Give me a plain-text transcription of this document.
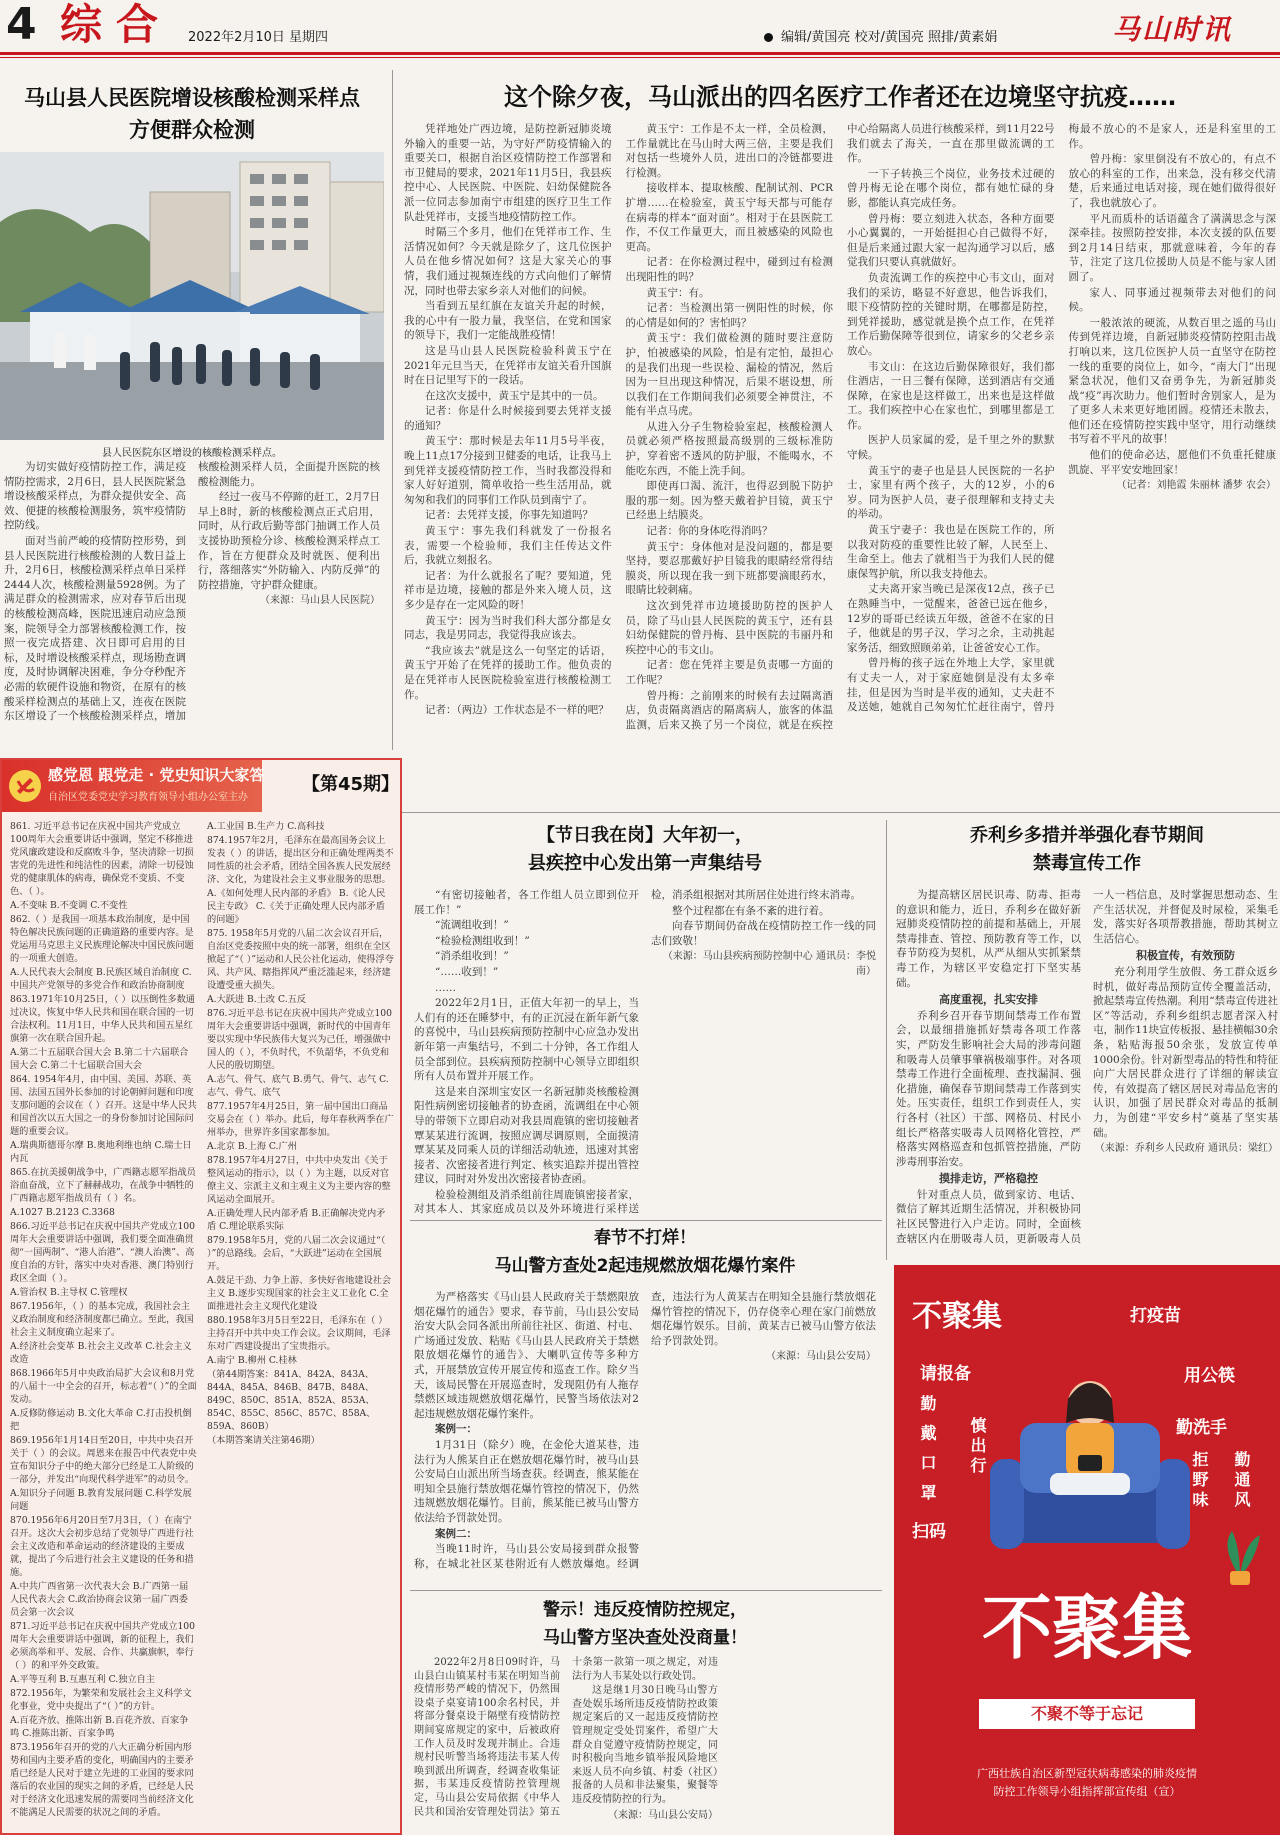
4 综合 2022年2月10日 星期四	编辑/黄国亮 校对/黄国亮 照排/黄素娟	马山时讯
马山县人民医院增设核酸检测采样点
方便群众检测
县人民医院东区增设的核酸检测采样点。

为切实做好疫情防控工作，满足疫情防控需求，2月6日，县人民医院紧急增设核酸采样点，为群众提供安全、高效、便捷的核酸检测服务，筑牢疫情防控防线。

面对当前严峻的疫情防控形势，到县人民医院进行核酸检测的人数日益上升，2月6日，核酸检测采样点单日采样2444人次，核酸检测量5928例。为了满足群众的检测需求，应对春节后出现的核酸检测高峰，医院迅速启动应急预案，院领导全力部署核酸检测工作，按照一夜完成搭建、次日即可启用的目标，及时增设核酸采样点，现场勘查调度，及时协调解决困难，争分夺秒配齐必需的软硬件设施和物资，在原有的核酸采样检测点的基础上又，连夜在医院东区增设了一个核酸检测采样点，增加核酸检测采样人员，全面提升医院的核酸检测能力。

经过一夜马不停蹄的赶工，2月7日早上8时，新的核酸检测点正式启用，同时，从行政后勤等部门抽调工作人员支援协助预检分诊、核酸检测采样点工作，旨在方便群众及时就医、便利出行，落细落实“外防输入、内防反弹”的防控措施，守护群众健康。

（来源：马山县人民医院）
这个除夕夜，马山派出的四名医疗工作者还在边境坚守抗疫……

凭祥地处广西边境，是防控新冠肺炎境外输入的重要一站，为守好严防疫情输入的重要关口，根据自治区疫情防控工作部署和市卫健局的要求，2021年11月5日，我县疾控中心、人民医院、中医院、妇幼保健院各派一位同志参加南宁市组建的医疗卫生工作队赴凭祥市，支援当地疫情防控工作。

时隔三个多月，他们在凭祥市工作、生活情况如何？今天就是除夕了，这几位医护人员在他乡情况如何？这是大家关心的事情，我们通过视频连线的方式向他们了解情况，同时也带去家乡亲人对他们的问候。

当看到五星红旗在友谊关升起的时候，我的心中有一股力量，我坚信，在党和国家的领导下，我们一定能战胜疫情！

这是马山县人民医院检验科黄玉宁在2021年元旦当天，在凭祥市友谊关看升国旗时在日记里写下的一段话。

在这次支援中，黄玉宁是其中的一员。

记者：你是什么时候接到要去凭祥支援的通知？

黄玉宁：那时候是去年11月5号半夜，晚上11点17分接到卫健委的电话，让我马上到凭祥支援疫情防控工作，当时我都没得和家人好好道别，简单收拾一些生活用品，就匆匆和我们的同事们工作队员到南宁了。

记者：去凭祥支援，你事先知道吗？

黄玉宁：事先我们科就发了一份报名表，需要一个检验师，我们主任传达文件后，我就立刻报名。

记者：为什么就报名了呢？要知道，凭祥市是边境，接触的都是外来入境人员，这多少是存在一定风险的呀！

黄玉宁：因为当时我们科大部分都是女同志，我是男同志，我觉得我应该去。

“我应该去”就是这么一句坚定的话语，黄玉宁开始了在凭祥的援助工作。他负责的是在凭祥市人民医院检验室进行核酸检测工作。

记者：（两边）工作状态是不一样的吧？

黄玉宁：工作是不太一样，全员检测，工作量就比在马山时大两三倍，主要是我们对包括一些境外人员，进出口的冷链都要进行检测。

接收样本、提取核酸、配制试剂、PCR扩增……在检验室，黄玉宁每天都与可能存在病毒的样本“面对面”。相对于在县医院工作，不仅工作量更大，而且被感染的风险也更高。

记者：在你检测过程中，碰到过有检测出现阳性的吗？

黄玉宁：有。

记者：当检测出第一例阳性的时候，你的心情是如何的？害怕吗？

黄玉宁：我们做检测的随时要注意防护，怕被感染的风险，怕是有定怕，最担心的是我们出现一些误检、漏检的情况，然后因为一旦出现这种情况，后果不堪设想，所以我们在工作期间我们必须要全神贯注，不能有半点马虎。

从进入分子生物检验室起，核酸检测人员就必须严格按照最高级别的三级标准防护，穿着密不透风的防护服，不能喝水，不能吃东西，不能上洗手间。

即使再口渴、流汗，也得忍到脱下防护服的那一刻。因为整天戴着护目镜，黄玉宁已经患上结膜炎。

记者：你的身体吃得消吗？

黄玉宁：身体他对是没问题的，都是要坚持，要忍那戴好护目镜我的眼睛经常得结膜炎，所以现在我一到下班都要滴眼药水，眼睛比较刺痛。

这次到凭祥市边境援助防控的医护人员，除了马山县人民医院的黄玉宁，还有县妇幼保健院的曾丹梅、县中医院的韦丽丹和疾控中心的韦文山。

记者：您在凭祥主要是负责哪一方面的工作呢？

曾丹梅：之前刚来的时候有去过隔离酒店，负责隔离酒店的隔离病人，旅客的体温监测，后来又换了另一个岗位，就是在疾控中心给隔离人员进行核酸采样，到11月22号我们就去了海关，一直在那里做流调的工作。

一下子转换三个岗位，业务技术过硬的曾丹梅无论在哪个岗位，都有她忙碌的身影，都能认真完成任务。

曾丹梅：要立刻进入状态，各种方面要小心翼翼的，一开始挺担心自己做得不好，但是后来通过跟大家一起沟通学习以后，感觉我们只要认真就做好。

负责流调工作的疾控中心韦文山，面对我们的采访，略显不好意思，他告诉我们，眼下疫情防控的关键时期，在哪都是防控，到凭祥援助，感觉就是换个点工作，在凭祥工作后勤保障等很到位，请家乡的父老乡亲放心。

韦文山：在这边后勤保障很好，我们都住酒店，一日三餐有保障，送到酒店有交通保障，在家也是这样做工，出来也是这样做工。我们疾控中心在家也忙，到哪里都是工作。

医护人员家属的爱，是千里之外的默默守候。

黄玉宁的妻子也是县人民医院的一名护士，家里有两个孩子，大的12岁，小的6岁。同为医护人员，妻子很理解和支持丈夫的举动。

黄玉宁妻子：我也是在医院工作的，所以我对防疫的重要性比较了解，人民至上、生命至上。他去了就相当于为我们人民的健康保驾护航，所以我支持他去。

丈夫离开家当晚已是深夜12点，孩子已在熟睡当中，一觉醒来，爸爸已远在他乡，12岁的哥哥已经读五年级，爸爸不在家的日子，他就是的男子汉，学习之余，主动挑起家务活，细致照顾弟弟，让爸爸安心工作。

曾丹梅的孩子远在外地上大学，家里就有丈夫一人，对于家庭她倒是没有太多牵挂，但是因为当时是半夜的通知，丈夫赶不及送她，她就自己匆匆忙忙赶往南宁，曾丹梅最不放心的不是家人，还是科室里的工作。

曾丹梅：家里倒没有不放心的，有点不放心的科室的工作，出来急，没有移交代清楚，后来通过电话对接，现在她们做得很好了，我也就放心了。

平凡而质朴的话语蕴含了满满思念与深深牵挂。按照防控安排，本次支援的队伍要到2月14日结束，那就意味着，今年的春节，注定了这几位援助人员是不能与家人团圆了。

家人、同事通过视频带去对他们的问候。

一般浓浓的硬流，从数百里之遥的马山传到凭祥边境，自新冠肺炎疫情防控阻击战打响以来，这几位医护人员一直坚守在防控一线的重要的岗位上，如今，“南大门”出现紧急状况，他们又奋勇争先，为新冠肺炎战“疫”再次助力。他们暂时舍别家人，是为了更多人未来更好地团圆。疫情还未散去，他们还在疫情防控实践中坚守，用行动继续书写着不平凡的故事！

他们的使命必达，愿他们不负重托健康凯旋、平平安安地回家！

（记者：刘艳霞 朱丽林 潘梦 农会）
感党恩 跟党走 · 党史知识大家答
自治区党委党史学习教育领导小组办公室主办
【第45期】

861. 习近平总书记在庆祝中国共产党成立100周年大会重要讲话中强调，坚定不移推进党风廉政建设和反腐败斗争，坚决清除一切损害党的先进性和纯洁性的因素，清除一切侵蚀党的健康肌体的病毒，确保党不变质、不变色、（ ）。

A.不变味 B.不变调 C.不变性

862.（ ）是我国一项基本政治制度，是中国特色解决民族问题的正确道路的重要内容。是党运用马克思主义民族理论解决中国民族问题的一项重大创造。

A.人民代表大会制度 B.民族区域自治制度 C.中国共产党领导的多党合作和政治协商制度

863.1971年10月25日，（ ）以压倒性多数通过决议，恢复中华人民共和国在联合国的一切合法权利。11月1日，中华人民共和国五星红旗第一次在联合国升起。

A.第二十五届联合国大会 B.第二十六届联合国大会 C.第二十七届联合国大会

864. 1954年4月，由中国、美国、苏联、英国、法国五国外长参加的讨论朝鲜问题和印度支那问题的会议在（ ）召开。这是中华人民共和国首次以五大国之一的身份参加讨论国际问题的重要会议。

A.瑞典斯德哥尔摩 B.奥地利维也纳 C.瑞士日内瓦

865.在抗美援朝战争中，广西籍志愿军指战员浴血奋战，立下了赫赫战功，在战争中牺牲的广西籍志愿军指战员有（ ）名。

A.1027 B.2123 C.3368

866.习近平总书记在庆祝中国共产党成立100周年大会重要讲话中强调，我们要全面准确贯彻“一国两制”、“港人治港”、“澳人治澳”、高度自治的方针，落实中央对香港、澳门特别行政区全面（ ）。

A.管治权 B.主导权 C.管理权

867.1956年，（ ）的基本完成，我国社会主义政治制度和经济制度都已确立。至此，我国社会主义制度确立起来了。

A.经济社会变革 B.社会主义改革 C.社会主义改造

868.1966年5月中央政治局扩大会议和8月党的八届十一中全会的召开，标志着“（ ）”的全面发动。

A.反修防修运动 B.文化大革命 C.打击投机倒把

869.1956年1月14日至20日，中共中央召开关于（ ）的会议。周恩来在报告中代表党中央宣布知识分子中的绝大部分已经是工人阶级的一部分，并发出“向现代科学进军”的动员令。

A.知识分子问题 B.教育发展问题 C.科学发展问题

870.1956年6月20日至7月3日，（ ）在南宁召开。这次大会初步总结了党领导广西进行社会主义改造和革命运动的经济建设的主要成就，提出了今后进行社会主义建设的任务和措施。

A.中共广西省第一次代表大会 B.广西第一届人民代表大会 C.政治协商会议第一届广西委员会第一次会议

871.习近平总书记在庆祝中国共产党成立100周年大会重要讲话中强调，新的征程上，我们必须高举和平、发展、合作、共赢旗帜，奉行（ ）的和平外交政策。

A.平等互利 B.互惠互利 C.独立自主

872.1956年，为繁荣和发展社会主义科学文化事业，党中央提出了“（ ）”的方针。

A.百花齐放、推陈出新 B.百花齐放、百家争鸣 C.推陈出新、百家争鸣

873.1956年召开的党的八大正确分析国内形势和国内主要矛盾的变化，明确国内的主要矛盾已经是人民对于建立先进的工业国的要求同落后的农业国的现实之间的矛盾，已经是人民对于经济文化迅速发展的需要同当前经济文化不能满足人民需要的状况之间的矛盾。

A.工业国 B.生产力 C.高科技

874.1957年2月，毛泽东在最高国务会议上发表（ ）的讲话，提出区分和正确处理两类不同性质的社会矛盾，团结全国各族人民发展经济、文化，为建设社会主义事业服务的思想。

A.《如何处理人民内部的矛盾》 B.《论人民民主专政》 C.《关于正确处理人民内部矛盾的问题》

875. 1958年5月党的八届二次会议召开后，自治区党委按照中央的统一部署，组织在全区掀起了“（ ）”运动和人民公社化运动，使得浮夸风、共产风、瞎指挥风严重泛滥起来，经济建设遭受重大损失。

A.大跃进 B.土改 C.五反

876.习近平总书记在庆祝中国共产党成立100周年大会重要讲话中强调，新时代的中国青年要以实现中华民族伟大复兴为己任，增强做中国人的（ ），不负时代，不负韶华，不负党和人民的殷切期望。

A.志气、骨气、底气 B.勇气、骨气、志气 C.志气、骨气、底气

877.1957年4月25日，第一届中国出口商品交易会在（ ）举办。此后，每年春秋两季在广州举办，世界许多国家都参加。

A.北京 B.上海 C.广州

878.1957年4月27日，中共中央发出《关于整风运动的指示》，以（ ）为主题，以反对官僚主义、宗派主义和主观主义为主要内容的整风运动全面展开。

A.正确处理人民内部矛盾 B.正确解决党内矛盾 C.理论联系实际

879.1958年5月，党的八届二次会议通过“（ ）”的总路线。会后，“大跃进”运动在全国展开。

A.鼓足干劲、力争上游、多快好省地建设社会主义 B.逐步实现国家的社会主义工业化 C.全面推进社会主义现代化建设

880.1958年3月5日至22日，毛泽东在（ ）主持召开中共中央工作会议。会议期间，毛泽东对广西建设提出了宝贵指示。

A.南宁 B.柳州 C.桂林

（第44期答案：841A、842A、843A、844A、845A、846B、847B、848A、849C、850C、851A、852A、853A、854C、855C、856C、857C、858A、859A、860B）

（本期答案请关注第46期）

【节日我在岗】大年初一，
县疾控中心发出第一声集结号

“有密切接触者，各工作组人员立即到位开展工作！”

“流调组收到！”

“检验检测组收到！”

“消杀组收到！”

“……收到！”

……

2022年2月1日，正值大年初一的早上，当人们有的还在睡梦中，有的正沉浸在新年新气象的喜悦中，马山县疾病预防控制中心应急办发出新年第一声集结号，不到二十分钟，各工作组人员全部到位。县疾病预防控制中心领导立即组织所有人员布置并开展工作。

这是来自深圳宝安区一名新冠肺炎核酸检测阳性病例密切接触者的协查函，流调组在中心领导的带领下立即启动对我县周鹿镇的密切接触者覃某某进行流调，按照应调尽调原则，全面摸清覃某某及同乘人员的详细活动轨迹，迅速对其密接者、次密接者进行判定、核实追踪并提出管控建议，同时对外发出次密接者协查函。

检验检测组及消杀组前往周鹿镇密接者家，对其本人、其家庭成员以及外环境进行采样送检，消杀组根据对其所居住处进行终末消毒。

整个过程都在有条不紊的进行着。

向春节期间仍奋战在疫情防控工作一线的同志们致敬！

（来源：马山县疾病预防控制中心 通讯员：李悦南）
乔利乡多措并举强化春节期间
禁毒宣传工作

为提高辖区居民识毒、防毒、拒毒的意识和能力，近日，乔利乡在做好新冠肺炎疫情防控的前提和基础上，开展禁毒排查、管控、预防教育等工作，以春节防疫为契机，从严从细从实抓紧禁毒工作，为辖区平安稳定打下坚实基础。

高度重视，扎实安排

乔利乡召开春节期间禁毒工作布置会，以最细措施抓好禁毒各项工作落实，严防发生影响社会大局的涉毒问题和吸毒人员肇事肇祸极端事件。对各项禁毒工作进行全面梳理、查找漏洞、强化措施，确保春节期间禁毒工作落到实处。压实责任，组织工作到责任人，实行各村（社区）干部、网格员、村民小组长严格落实吸毒人员网格化管控，严格落实网格巡查和包抓管控措施，严防涉毒刑事治安。

摸排走访，严格稳控

针对重点人员，做到家访、电话、微信了解其近期生活情况，并积极协同社区民警进行入户走访。同时，全面核查辖区内在册吸毒人员，更新吸毒人员一人一档信息，及时掌握思想动态、生产生活状况，并督促及时尿检，采集毛发，落实好各项帮教措施，帮助其树立生活信心。

积极宣传，有效预防

充分利用学生放假、务工群众返乡时机，做好毒品预防宣传全覆盖活动，掀起禁毒宣传热潮。利用“禁毒宣传进社区”等活动，乔利乡组织志愿者深入村屯，制作11块宣传板报、悬挂横幅30余条，粘贴海报50余张，发放宣传单1000余份。针对新型毒品的特性和特征向广大居民群众进行了详细的解读宣传，有效提高了辖区居民对毒品危害的认识，加强了居民群众对毒品的抵制力，为创建“平安乡村”奠基了坚实基础。

（来源：乔利乡人民政府 通讯员：梁红）
春节不打烊！
马山警方查处2起违规燃放烟花爆竹案件

为严格落实《马山县人民政府关于禁燃限放烟花爆竹的通告》要求，春节前，马山县公安局治安大队会同各派出所前往社区、街道、村屯、广场通过发放、粘贴《马山县人民政府关于禁燃限放烟花爆竹的通告》、大喇叭宣传等多种方式，开展禁放宣传开展宣传和巡查工作。除夕当天，该局民警在开展巡查时，发现阻仍有人拖存禁燃区域违规燃放烟花爆竹，民警当场依法对2起违规燃放烟花爆竹案件。

案例一：

1月31日（除夕）晚，在金伦大道某巷，违法行为人熊某自正在燃放烟花爆竹时，被马山县公安局白山派出所当场查获。经调查，熊某能在明知全县施行禁放烟花爆竹管控的情况下，仍然违规燃放烟花爆竹。目前，熊某能已被马山警方依法给予罚款处罚。

案例二：

当晚11时许，马山县公安局接到群众报警称，在城北社区某巷附近有人燃放爆炮。经调查，违法行为人黄某吉在明知全县施行禁放烟花爆竹管控的情况下，仍存侥幸心理在家门前燃放烟花爆竹娱乐。目前，黄某吉已被马山警方依法给予罚款处罚。

（来源：马山县公安局）
警示！违反疫情防控规定，
马山警方坚决查处没商量！

2022年2月8日09时许，马山县白山镇某村韦某在明知当前疫情形势严峻的情况下，仍然围设桌子桌宴请100余名村民，并将部分餐桌设于隔壁有疫情防控期间宴席规定的家中，后被政府工作人员及时发现并制止。合违规村民听警当场将违法韦某人传唤到派出所调查，经调查收集证据，韦某违反疫情防控管理规定，马山县公安局依据《中华人民共和国治安管理处罚法》第五十条第一款第一项之规定，对违法行为人韦某处以行政处罚。

这是继1月30日晚马山警方查处娱乐场所违反疫情防控政策规定案后的又一起违反疫情防控管理规定受处罚案件，希望广大群众自觉遵守疫情防控规定，同时积极向当地乡镇举报风险地区来返人员不向乡镇、村委（社区）报备的人员和非法聚集，聚餐等违反疫情防控的行为。

（来源：马山县公安局）
不聚集	打疫苗
用公筷
请报备
勤洗手
勤通风
勤 戴 口 罩 慎出行
拒野味
扫码
不聚集
不聚不等于忘记
广西壮族自治区新型冠状病毒感染的肺炎疫情
防控工作领导小组指挥部宣传组（宣）
